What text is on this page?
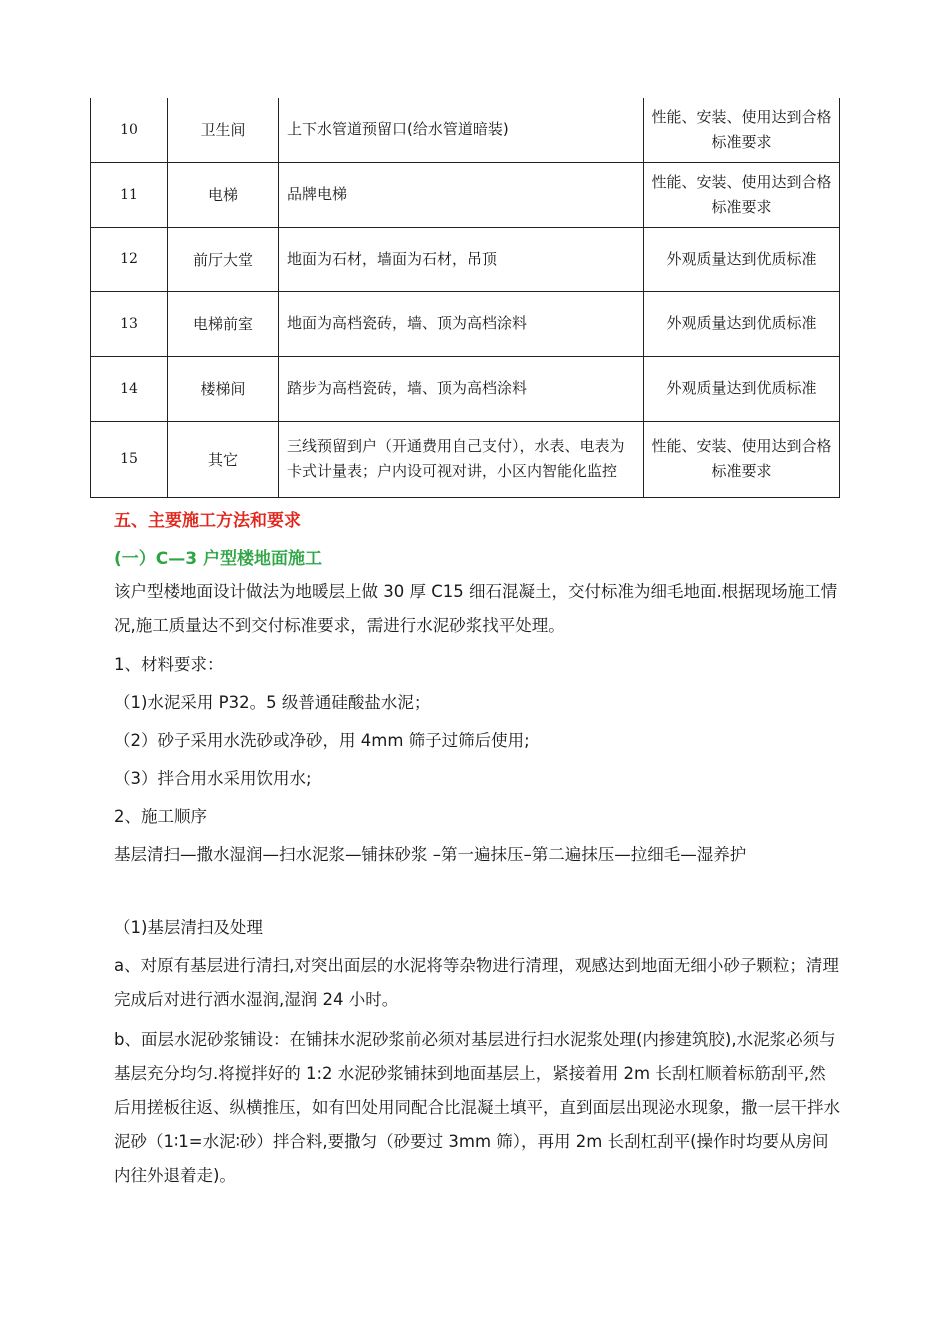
10	卫生间	上下水管道预留口(给水管道暗装)	性能、安装、使用达到合格标准要求
11	电梯	品牌电梯	性能、安装、使用达到合格标准要求
12	前厅大堂	地面为石材，墙面为石材，吊顶	外观质量达到优质标准
13	电梯前室	地面为高档瓷砖，墙、顶为高档涂料	外观质量达到优质标准
14	楼梯间	踏步为高档瓷砖，墙、顶为高档涂料	外观质量达到优质标准
15	其它	三线预留到户（开通费用自己支付），水表、电表为卡式计量表；户内设可视对讲，小区内智能化监控	性能、安装、使用达到合格标准要求
五、主要施工方法和要求
(一）C—3 户型楼地面施工

该户型楼地面设计做法为地暖层上做 30 厚 C15 细石混凝土，交付标准为细毛地面.根据现场施工情况,施工质量达不到交付标准要求，需进行水泥砂浆找平处理。

1、材料要求：

（1)水泥采用 P32。5 级普通硅酸盐水泥；

（2）砂子采用水洗砂或净砂，用 4mm 筛子过筛后使用;

（3）拌合用水采用饮用水;

2、施工顺序

基层清扫—撒水湿润—扫水泥浆—铺抹砂浆 –第一遍抹压–第二遍抹压—拉细毛—湿养护

（1)基层清扫及处理

a、对原有基层进行清扫,对突出面层的水泥将等杂物进行清理，观感达到地面无细小砂子颗粒；清理完成后对进行洒水湿润,湿润 24 小时。

b、面层水泥砂浆铺设：在铺抹水泥砂浆前必须对基层进行扫水泥浆处理(内掺建筑胶),水泥浆必须与基层充分均匀.将搅拌好的 1:2 水泥砂浆铺抹到地面基层上，紧接着用 2m 长刮杠顺着标筋刮平,然后用搓板往返、纵横推压，如有凹处用同配合比混凝土填平，直到面层出现泌水现象，撒一层干拌水泥砂（1∶1=水泥∶砂）拌合料,要撒匀（砂要过 3mm 筛），再用 2m 长刮杠刮平(操作时均要从房间内往外退着走)。
